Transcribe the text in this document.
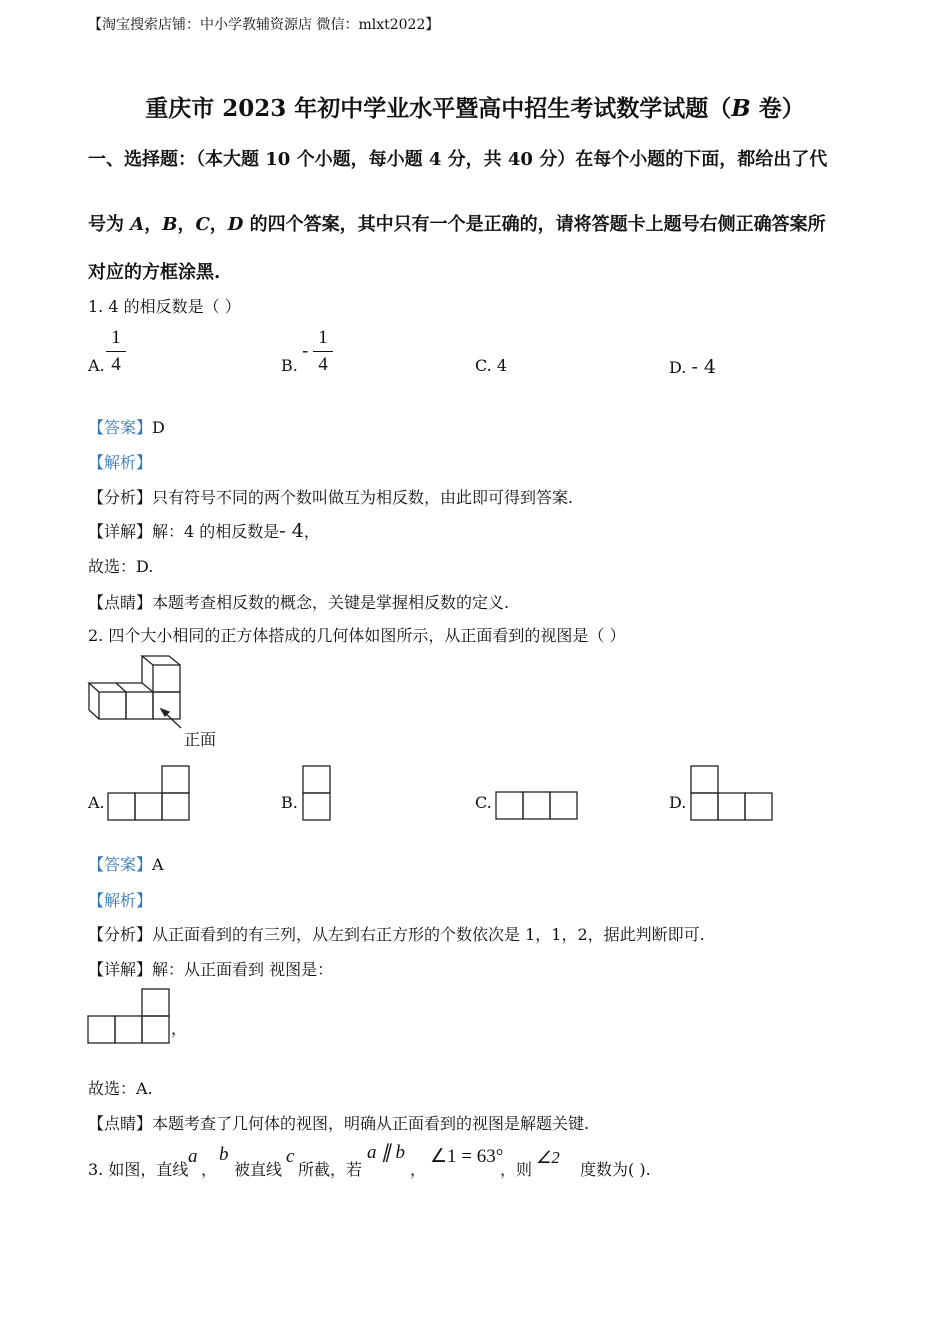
【淘宝搜索店铺：中小学教辅资源店 微信：mlxt2022】
重庆市 2023 年初中学业水平暨高中招生考试数学试题（B 卷）
一、选择题：（本大题 10 个小题，每小题 4 分，共 40 分）在每个小题的下面，都给出了代
号为 A，B，C，D 的四个答案，其中只有一个是正确的，请将答题卡上题号右侧正确答案所
对应的方框涂黑.
1. 4 的相反数是（ ）
A.
1
4	B.
-
1
4	C. 4	D. - 4
【答案】D
【解析】
【分析】只有符号不同的两个数叫做互为相反数，由此即可得到答案.
【详解】解：4 的相反数是- 4，
故选：D.
【点睛】本题考查相反数的概念，关键是掌握相反数的定义.
2. 四个大小相同的正方体搭成的几何体如图所示，从正面看到的视图是（ ）
正面
A.	B.	C.	D.
【答案】A
【解析】
【分析】从正面看到的有三列，从左到右正方形的个数依次是 1，1，2，据此判断即可.
【详解】解：从正面看到 视图是：
，
故选：A.
【点睛】本题考查了几何体的视图，明确从正面看到的视图是解题关键.
3. 如图，直线
a
，
b
被直线
c
所截，若
a ∥ b
，
∠1 = 63°
，则
∠2
度数为( ).
